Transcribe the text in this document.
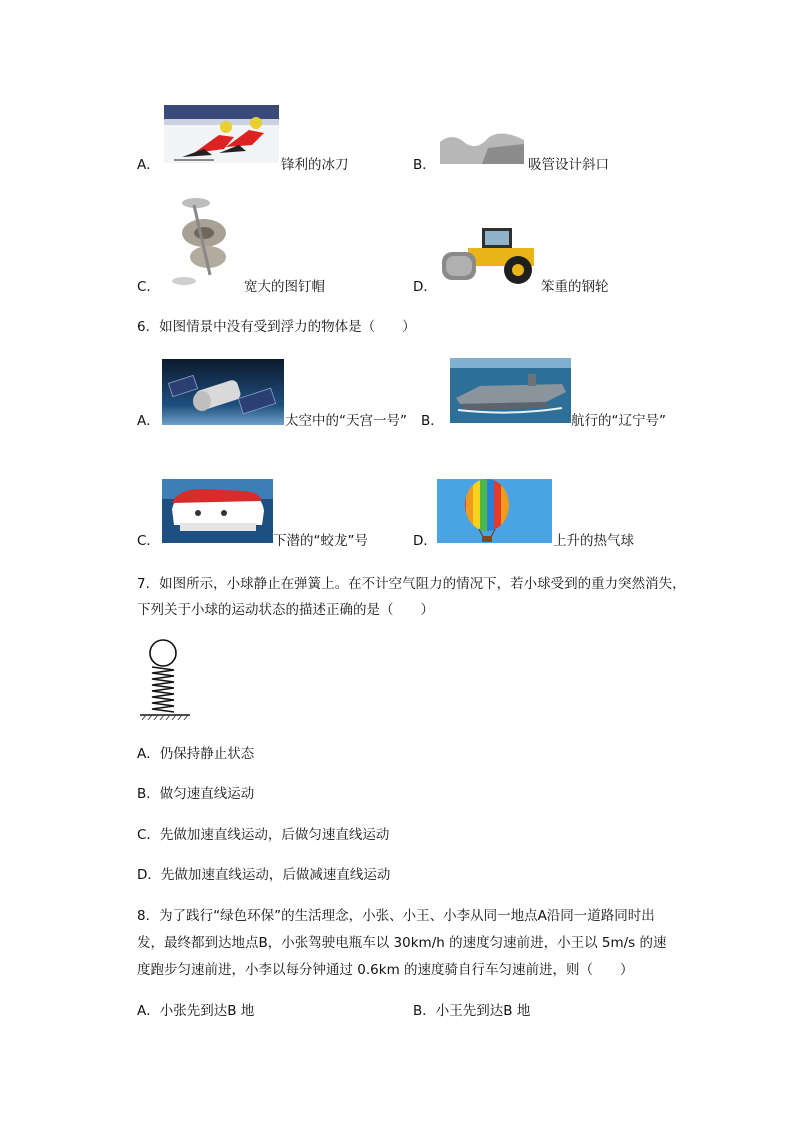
A．	锋利的冰刀	B．	吸管设计斜口
C．	宽大的图钉帽	D．	笨重的钢轮
6．如图情景中没有受到浮力的物体是（　　）
A．	太空中的“天宫一号” B．	航行的“辽宁号”
C．	下潜的“蛟龙”号	D．	上升的热气球
7．如图所示，小球静止在弹簧上。在不计空气阻力的情况下，若小球受到的重力突然消失，
下列关于小球的运动状态的描述正确的是（　　）
A．仍保持静止状态
B．做匀速直线运动
C．先做加速直线运动，后做匀速直线运动
D．先做加速直线运动，后做减速直线运动
8．为了践行“绿色环保”的生活理念，小张、小王、小李从同一地点A沿同一道路同时出
发，最终都到达地点B，小张驾驶电瓶车以 30km/h 的速度匀速前进，小王以 5m/s 的速
度跑步匀速前进，小李以每分钟通过 0.6km 的速度骑自行车匀速前进，则（　　）
A．小张先到达B 地	B．小王先到达B 地
